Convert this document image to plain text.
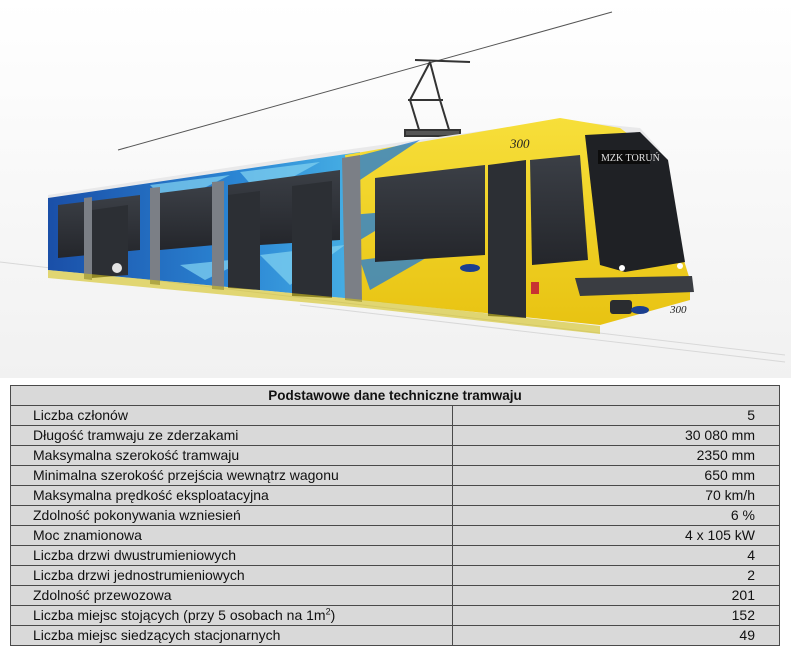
MZK TORUŃ
300
300
Podstawowe dane techniczne tramwaju	
Liczba członów	5
Długość tramwaju ze zderzakami	30 080 mm
Maksymalna szerokość tramwaju	2350 mm
Minimalna szerokość przejścia wewnątrz wagonu	650 mm
Maksymalna prędkość eksploatacyjna	70 km/h
Zdolność pokonywania wzniesień	6 %
Moc znamionowa	4 x 105 kW
Liczba drzwi dwustrumieniowych	4
Liczba drzwi jednostrumieniowych	2
Zdolność przewozowa	201
Liczba miejsc stojących (przy 5 osobach na $1m^2$)	152
Liczba miejsc siedzących stacjonarnych	49
